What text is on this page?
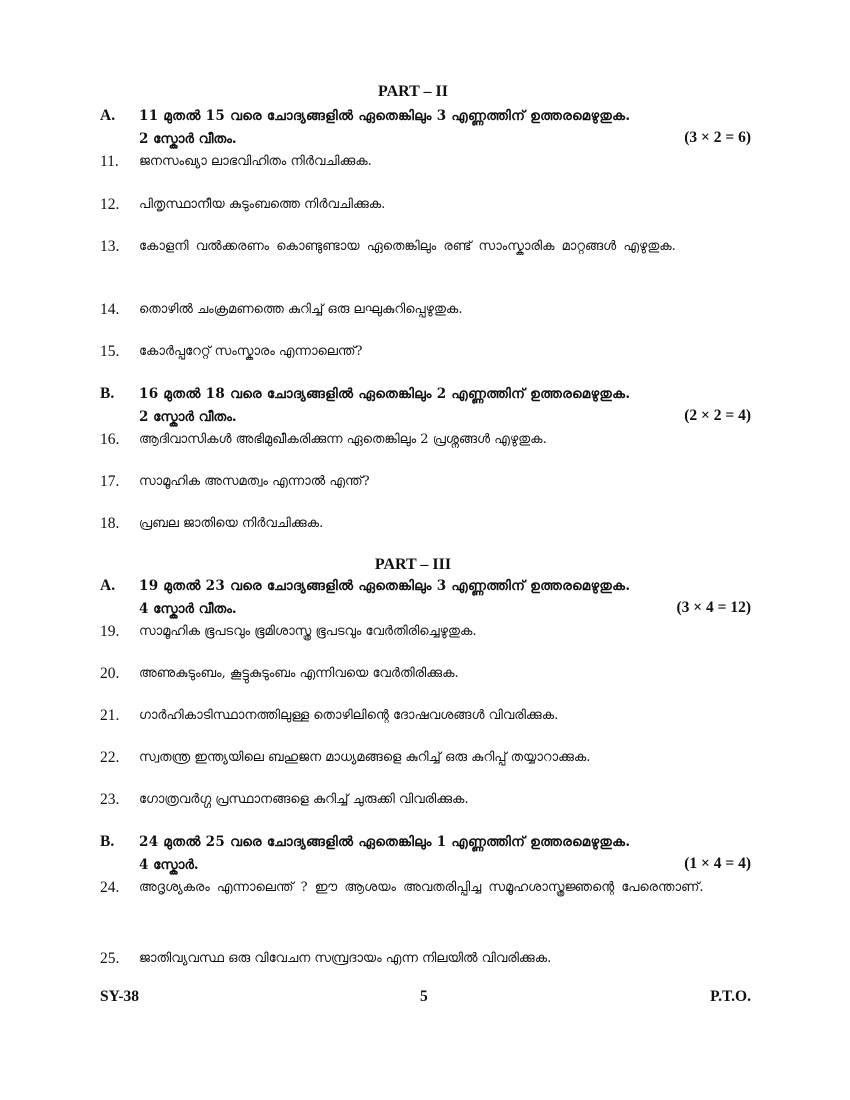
PART – II
A. 11 മുതൽ 15 വരെ ചോദ്യങ്ങളിൽ ഏതെങ്കിലും 3 എണ്ണത്തിന് ഉത്തരമെഴുതുക.
2 സ്കോർ വീതം.	(3 × 2 = 6)
11. ജനസംഖ്യാ ലാഭവിഹിതം നിർവചിക്കുക.
12. പിതൃസ്ഥാനീയ കുടുംബത്തെ നിർവചിക്കുക.
13. കോളനി വൽക്കരണം കൊണ്ടുണ്ടായ ഏതെങ്കിലും രണ്ട് സാംസ്കാരിക മാറ്റങ്ങൾ എഴുതുക.
14. തൊഴിൽ ചംക്രമണത്തെ കുറിച്ച് ഒരു ലഘുകുറിപ്പെഴുതുക.
15. കോർപ്പറേറ്റ് സംസ്കാരം എന്നാലെന്ത്?
B. 16 മുതൽ 18 വരെ ചോദ്യങ്ങളിൽ ഏതെങ്കിലും 2 എണ്ണത്തിന് ഉത്തരമെഴുതുക.
2 സ്കോർ വീതം.	(2 × 2 = 4)
16. ആദിവാസികൾ അഭിമുഖീകരിക്കുന്ന ഏതെങ്കിലും 2 പ്രശ്നങ്ങൾ എഴുതുക.
17. സാമൂഹിക അസമത്വം എന്നാൽ എന്ത്?
18. പ്രബല ജാതിയെ നിർവചിക്കുക.
PART – III
A. 19 മുതൽ 23 വരെ ചോദ്യങ്ങളിൽ ഏതെങ്കിലും 3 എണ്ണത്തിന് ഉത്തരമെഴുതുക.
4 സ്കോർ വീതം.	(3 × 4 = 12)
19. സാമൂഹിക ഭൂപടവും ഭൂമിശാസ്ത്ര ഭൂപടവും വേർതിരിച്ചെഴുതുക.
20. അണുകുടുംബം, കൂട്ടുകുടുംബം എന്നിവയെ വേർതിരിക്കുക.
21. ഗാർഹികാടിസ്ഥാനത്തിലുള്ള തൊഴിലിന്റെ ദോഷവശങ്ങൾ വിവരിക്കുക.
22. സ്വതന്ത്ര ഇന്ത്യയിലെ ബഹുജന മാധ്യമങ്ങളെ കുറിച്ച് ഒരു കുറിപ്പ് തയ്യാറാക്കുക.
23. ഗോത്രവർഗ്ഗ പ്രസ്ഥാനങ്ങളെ കുറിച്ച് ചുരുക്കി വിവരിക്കുക.
B. 24 മുതൽ 25 വരെ ചോദ്യങ്ങളിൽ ഏതെങ്കിലും 1 എണ്ണത്തിന് ഉത്തരമെഴുതുക.
4 സ്കോർ.	(1 × 4 = 4)
24. അദൃശ്യകരം എന്നാലെന്ത് ? ഈ ആശയം അവതരിപ്പിച്ച സമൂഹശാസ്ത്രജ്ഞന്റെ പേരെന്താണ്.
25. ജാതിവ്യവസ്ഥ ഒരു വിവേചന സമ്പ്രദായം എന്ന നിലയിൽ വിവരിക്കുക.
SY-38	5	P.T.O.
